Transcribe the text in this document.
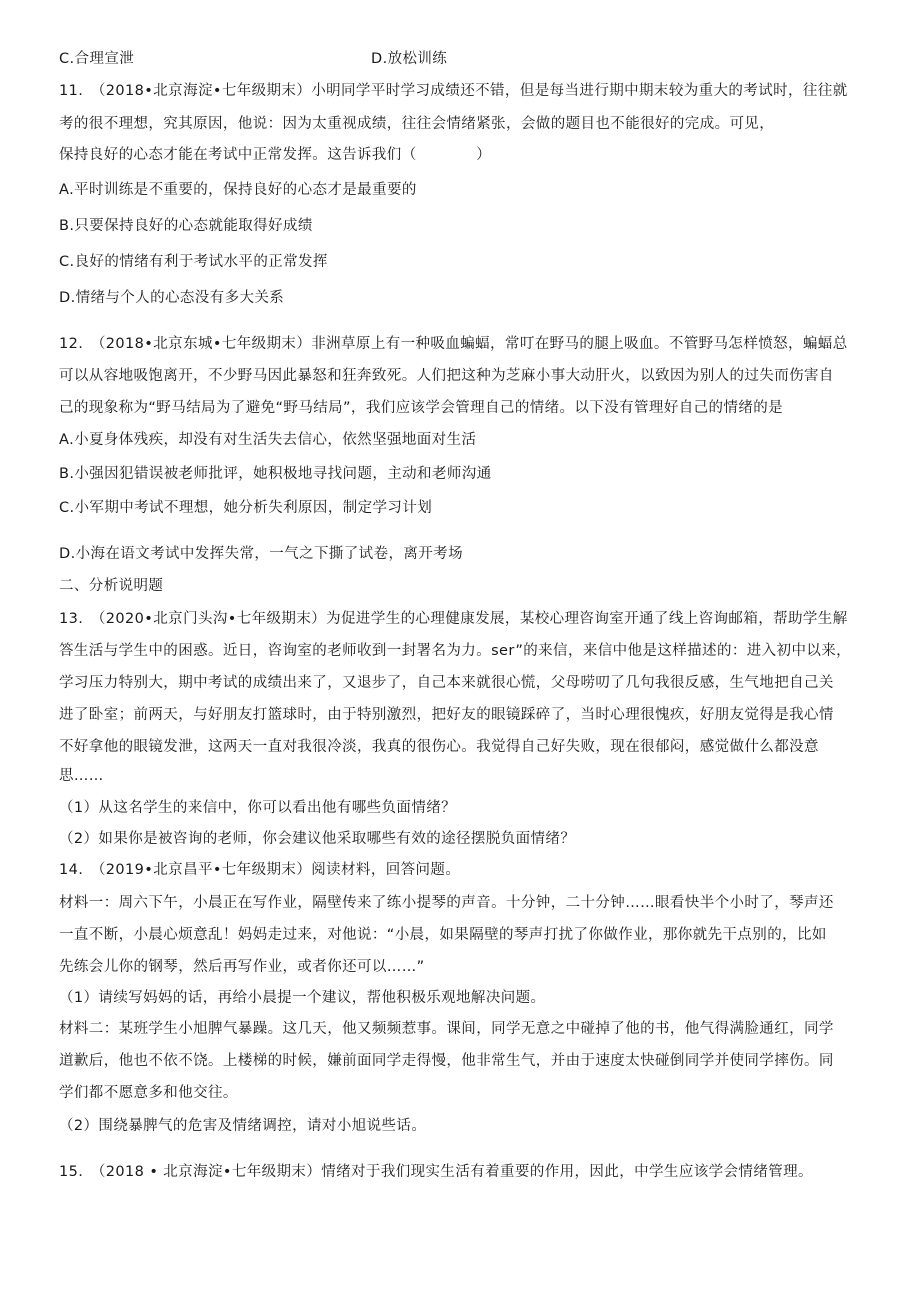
C.合理宣泄	D.放松训练
11.　（2018•北京海淀•七年级期末）小明同学平时学习成绩还不错，但是每当进行期中期末较为重大的考试时，往往就
考的很不理想，究其原因，他说：因为太重视成绩，往往会情绪紧张，会做的题目也不能很好的完成。可见，
保持良好的心态才能在考试中正常发挥。这告诉我们（　　　　）
A.平时训练是不重要的，保持良好的心态才是最重要的
B.只要保持良好的心态就能取得好成绩
C.良好的情绪有利于考试水平的正常发挥
D.情绪与个人的心态没有多大关系
12.　（2018•北京东城•七年级期末）非洲草原上有一种吸血蝙蝠，常叮在野马的腿上吸血。不管野马怎样愤怒，蝙蝠总
可以从容地吸饱离开，不少野马因此暴怒和狂奔致死。人们把这种为芝麻小事大动肝火，以致因为别人的过失而伤害自
己的现象称为“野马结局为了避免“野马结局”，我们应该学会管理自己的情绪。以下没有管理好自己的情绪的是
A.小夏身体残疾，却没有对生活失去信心，依然坚强地面对生活
B.小强因犯错误被老师批评，她积极地寻找问题，主动和老师沟通
C.小军期中考试不理想，她分析失利原因，制定学习计划
D.小海在语文考试中发挥失常，一气之下撕了试卷，离开考场
二、分析说明题
13.　（2020•北京门头沟•七年级期末）为促进学生的心理健康发展，某校心理咨询室开通了线上咨询邮箱，帮助学生解
答生活与学生中的困惑。近日，咨询室的老师收到一封署名为力。ser”的来信，来信中他是这样描述的：进入初中以来，
学习压力特别大，期中考试的成绩出来了，又退步了，自己本来就很心慌，父母唠叨了几句我很反感，生气地把自己关
进了卧室；前两天，与好朋友打篮球时，由于特别激烈，把好友的眼镜踩碎了，当时心理很愧疚，好朋友觉得是我心情
不好拿他的眼镜发泄，这两天一直对我很冷淡，我真的很伤心。我觉得自己好失败，现在很郁闷，感觉做什么都没意
思……
（1）从这名学生的来信中，你可以看出他有哪些负面情绪？
（2）如果你是被咨询的老师，你会建议他采取哪些有效的途径摆脱负面情绪？
14.　（2019•北京昌平•七年级期末）阅读材料，回答问题。
材料一：周六下午，小晨正在写作业，隔壁传来了练小提琴的声音。十分钟，二十分钟……眼看快半个小时了，琴声还
一直不断，小晨心烦意乱！妈妈走过来，对他说：“小晨，如果隔壁的琴声打扰了你做作业，那你就先干点别的，比如
先练会儿你的钢琴，然后再写作业，或者你还可以……”
（1）请续写妈妈的话，再给小晨提一个建议，帮他积极乐观地解决问题。
材料二：某班学生小旭脾气暴躁。这几天，他又频频惹事。课间，同学无意之中碰掉了他的书，他气得满脸通红，同学
道歉后，他也不依不饶。上楼梯的时候，嫌前面同学走得慢，他非常生气，并由于速度太快碰倒同学并使同学摔伤。同
学们都不愿意多和他交往。
（2）围绕暴脾气的危害及情绪调控，请对小旭说些话。
15.　（2018 • 北京海淀•七年级期末）情绪对于我们现实生活有着重要的作用，因此，中学生应该学会情绪管理。
